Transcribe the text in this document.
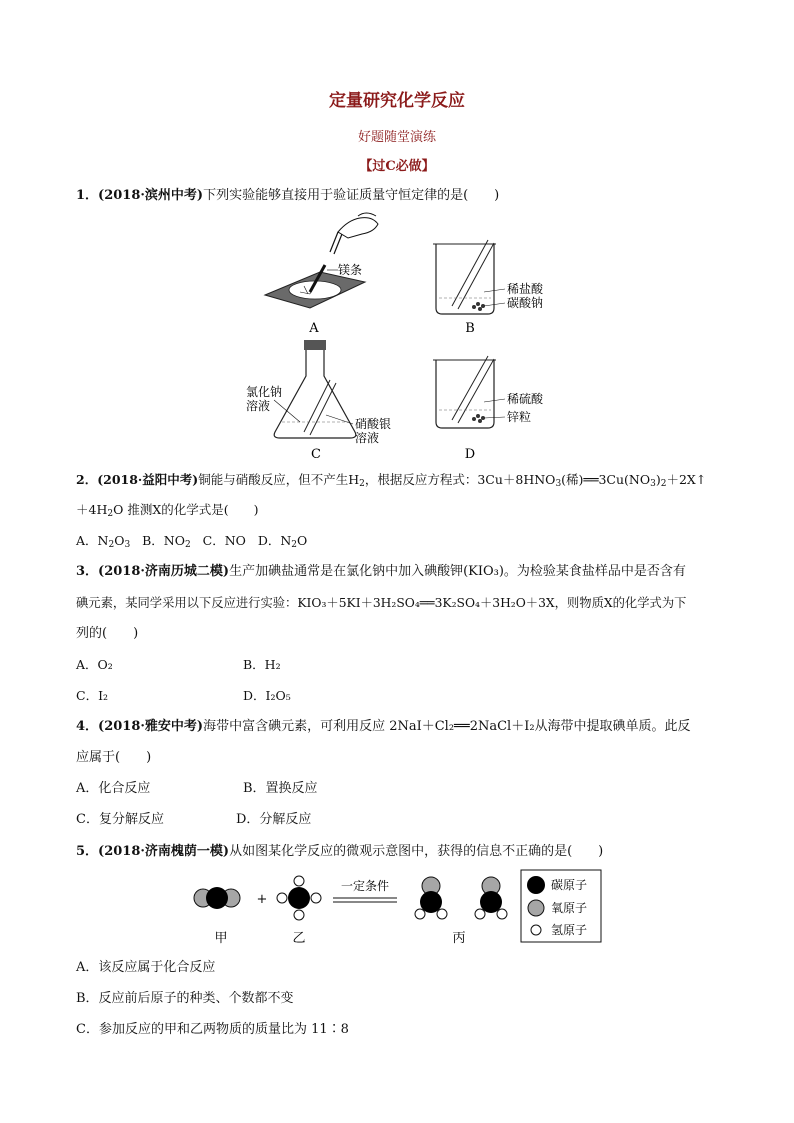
定量研究化学反应
好题随堂演练
【过C必做】
1．(2018·滨州中考)下列实验能够直接用于验证质量守恒定律的是(　　)
镁条
A
稀盐酸
碳酸钠
B
氯化钠
溶液
硝酸银
溶液
C
稀硫酸
锌粒
D
2．(2018·益阳中考)铜能与硝酸反应，但不产生$H_2$，根据反应方程式：$3Cu+8HNO_3$(稀)$══3Cu(NO_3)_2+2X↑$
$+4H_2O$ 推测X的化学式是(　　)
A．$N_2O_3$ B．$NO_2$ C．NO D．$N_2O$
3．(2018·济南历城二模)生产加碘盐通常是在氯化钠中加入碘酸钾(KIO₃)。为检验某食盐样品中是否含有
碘元素，某同学采用以下反应进行实验：KIO₃＋5KI＋3H₂SO₄══3K₂SO₄＋3H₂O＋3X，则物质X的化学式为下
列的(　　)
A．O₂	B．H₂
C．I₂	D．I₂O₅
4．(2018·雅安中考)海带中富含碘元素，可利用反应 2NaI＋Cl₂══2NaCl＋I₂从海带中提取碘单质。此反
应属于(　　)
A．化合反应	B．置换反应
C．复分解反应	D．分解反应
5．(2018·济南槐荫一模)从如图某化学反应的微观示意图中，获得的信息不正确的是(　　)
+
一定条件	碳原子
氧原子
氢原子
甲	乙	丙
A．该反应属于化合反应
B．反应前后原子的种类、个数都不变
C．参加反应的甲和乙两物质的质量比为 11∶8
